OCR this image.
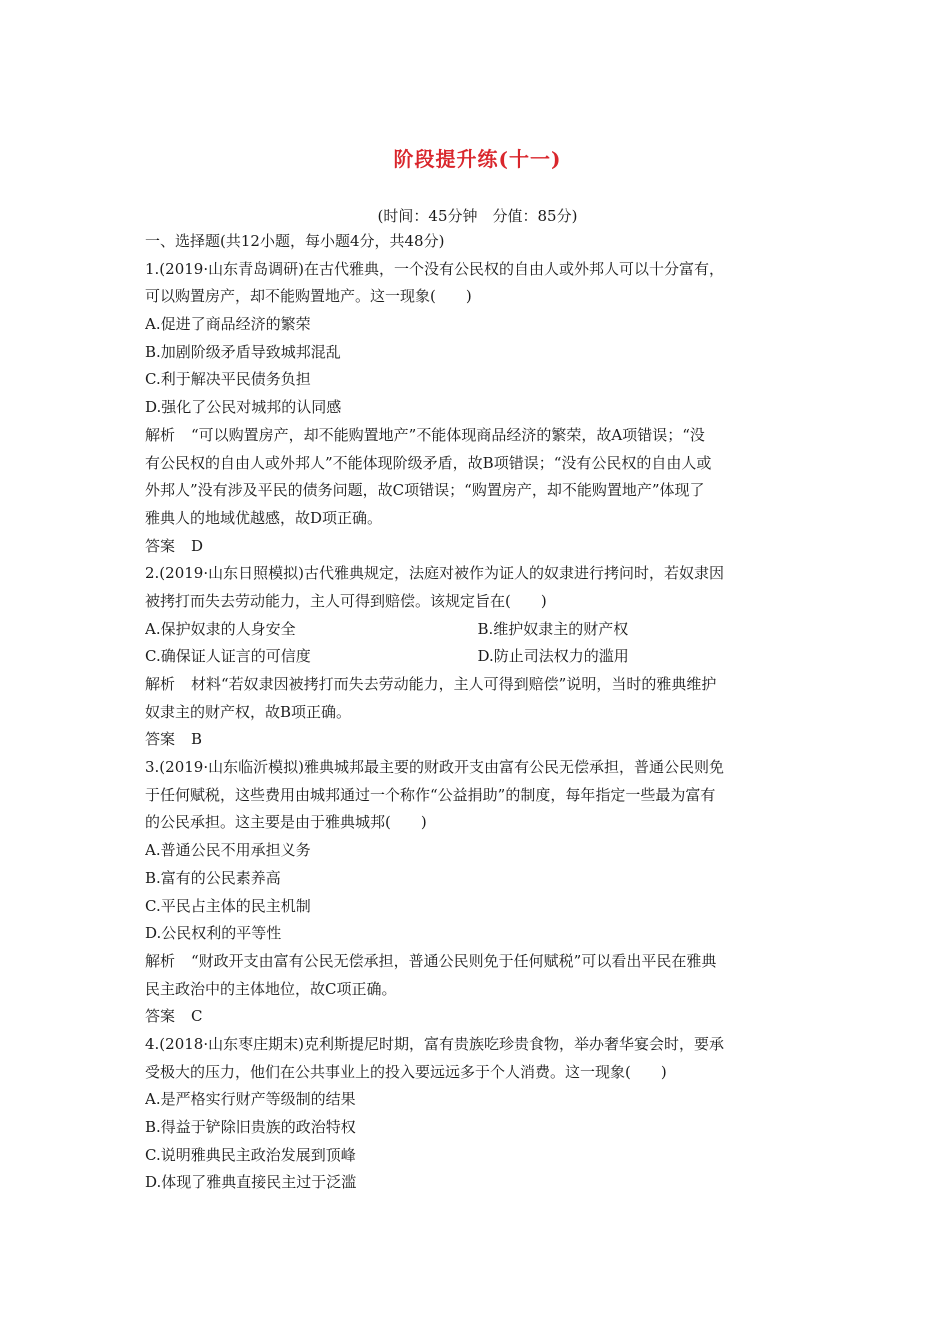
阶段提升练(十一)
(时间：45分钟　分值：85分)
一、选择题(共12小题，每小题4分，共48分)
1.(2019·山东青岛调研)在古代雅典，一个没有公民权的自由人或外邦人可以十分富有，
可以购置房产，却不能购置地产。这一现象(　　)
A.促进了商品经济的繁荣
B.加剧阶级矛盾导致城邦混乱
C.利于解决平民债务负担
D.强化了公民对城邦的认同感
解析 “可以购置房产，却不能购置地产”不能体现商品经济的繁荣，故A项错误；“没
有公民权的自由人或外邦人”不能体现阶级矛盾，故B项错误；“没有公民权的自由人或
外邦人”没有涉及平民的债务问题，故C项错误；“购置房产，却不能购置地产”体现了
雅典人的地域优越感，故D项正确。
答案 D
2.(2019·山东日照模拟)古代雅典规定，法庭对被作为证人的奴隶进行拷问时，若奴隶因
被拷打而失去劳动能力，主人可得到赔偿。该规定旨在(　　)
A.保护奴隶的人身安全	B.维护奴隶主的财产权
C.确保证人证言的可信度	D.防止司法权力的滥用
解析 材料“若奴隶因被拷打而失去劳动能力，主人可得到赔偿”说明，当时的雅典维护
奴隶主的财产权，故B项正确。
答案 B
3.(2019·山东临沂模拟)雅典城邦最主要的财政开支由富有公民无偿承担，普通公民则免
于任何赋税，这些费用由城邦通过一个称作“公益捐助”的制度，每年指定一些最为富有
的公民承担。这主要是由于雅典城邦(　　)
A.普通公民不用承担义务
B.富有的公民素养高
C.平民占主体的民主机制
D.公民权利的平等性
解析 “财政开支由富有公民无偿承担，普通公民则免于任何赋税”可以看出平民在雅典
民主政治中的主体地位，故C项正确。
答案 C
4.(2018·山东枣庄期末)克利斯提尼时期，富有贵族吃珍贵食物，举办奢华宴会时，要承
受极大的压力，他们在公共事业上的投入要远远多于个人消费。这一现象(　　)
A.是严格实行财产等级制的结果
B.得益于铲除旧贵族的政治特权
C.说明雅典民主政治发展到顶峰
D.体现了雅典直接民主过于泛滥
